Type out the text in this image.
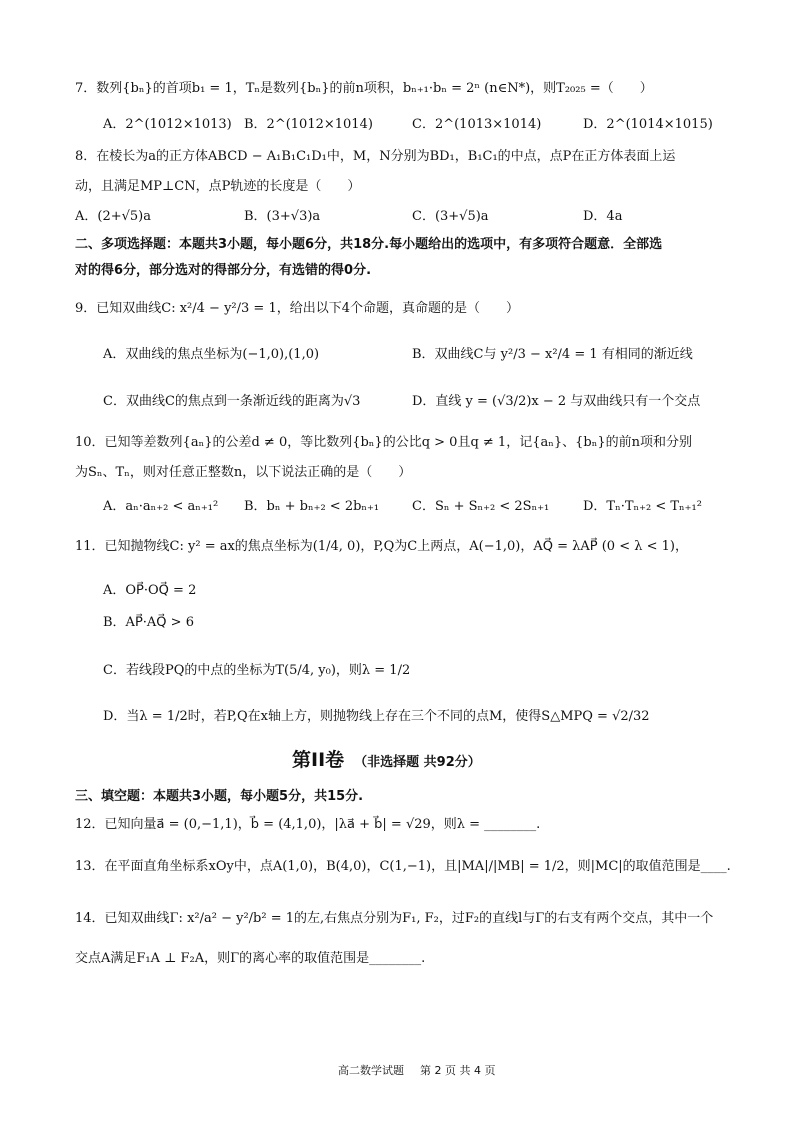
7．数列{bₙ}的首项b₁ = 1，Tₙ是数列{bₙ}的前n项积，bₙ₊₁·bₙ = 2ⁿ (n∈N*)，则T₂₀₂₅ =（　　）
A．2^(1012×1013) B．2^(1012×1014)	C．2^(1013×1014)	D．2^(1014×1015)
8．在棱长为a的正方体ABCD − A₁B₁C₁D₁中，M，N分别为BD₁，B₁C₁的中点，点P在正方体表面上运
动，且满足MP⊥CN，点P轨迹的长度是（　　）
A．(2+√5)a	B．(3+√3)a	C．(3+√5)a	D．4a
二、多项选择题：本题共3小题，每小题6分，共18分.每小题给出的选项中，有多项符合题意．全部选
对的得6分，部分选对的得部分分，有选错的得0分.
9．已知双曲线C: x²/4 − y²/3 = 1，给出以下4个命题，真命题的是（　　）
A．双曲线的焦点坐标为(−1,0),(1,0)	B．双曲线C与 y²/3 − x²/4 = 1 有相同的渐近线
C．双曲线C的焦点到一条渐近线的距离为√3	D．直线 y = (√3/2)x − 2 与双曲线只有一个交点
10．已知等差数列{aₙ}的公差d ≠ 0，等比数列{bₙ}的公比q > 0且q ≠ 1，记{aₙ}、{bₙ}的前n项和分别
为Sₙ、Tₙ，则对任意正整数n，以下说法正确的是（　　）
A．aₙ·aₙ₊₂ < aₙ₊₁² B．bₙ + bₙ₊₂ < 2bₙ₊₁	C．Sₙ + Sₙ₊₂ < 2Sₙ₊₁	D．Tₙ·Tₙ₊₂ < Tₙ₊₁²
11．已知抛物线C: y² = ax的焦点坐标为(1/4, 0)，P,Q为C上两点，A(−1,0)，AQ⃗ = λAP⃗ (0 < λ < 1)，
A．OP⃗·OQ⃗ = 2
B．AP⃗·AQ⃗ > 6
C．若线段PQ的中点的坐标为T(5/4, y₀)，则λ = 1/2
D．当λ = 1/2时，若P,Q在x轴上方，则抛物线上存在三个不同的点M，使得S△MPQ = √2/32
第II卷 （非选择题 共92分）
三、填空题：本题共3小题，每小题5分，共15分.
12．已知向量a⃗ = (0,−1,1)，b⃗ = (4,1,0)，|λa⃗ + b⃗| = √29，则λ = ________.
13．在平面直角坐标系xOy中，点A(1,0)，B(4,0)，C(1,−1)，且|MA|/|MB| = 1/2，则|MC|的取值范围是____.
14．已知双曲线Γ: x²/a² − y²/b² = 1的左,右焦点分别为F₁, F₂，过F₂的直线l与Γ的右支有两个交点，其中一个
交点A满足F₁A ⊥ F₂A，则Γ的离心率的取值范围是________.
高二数学试题 第 2 页 共 4 页
